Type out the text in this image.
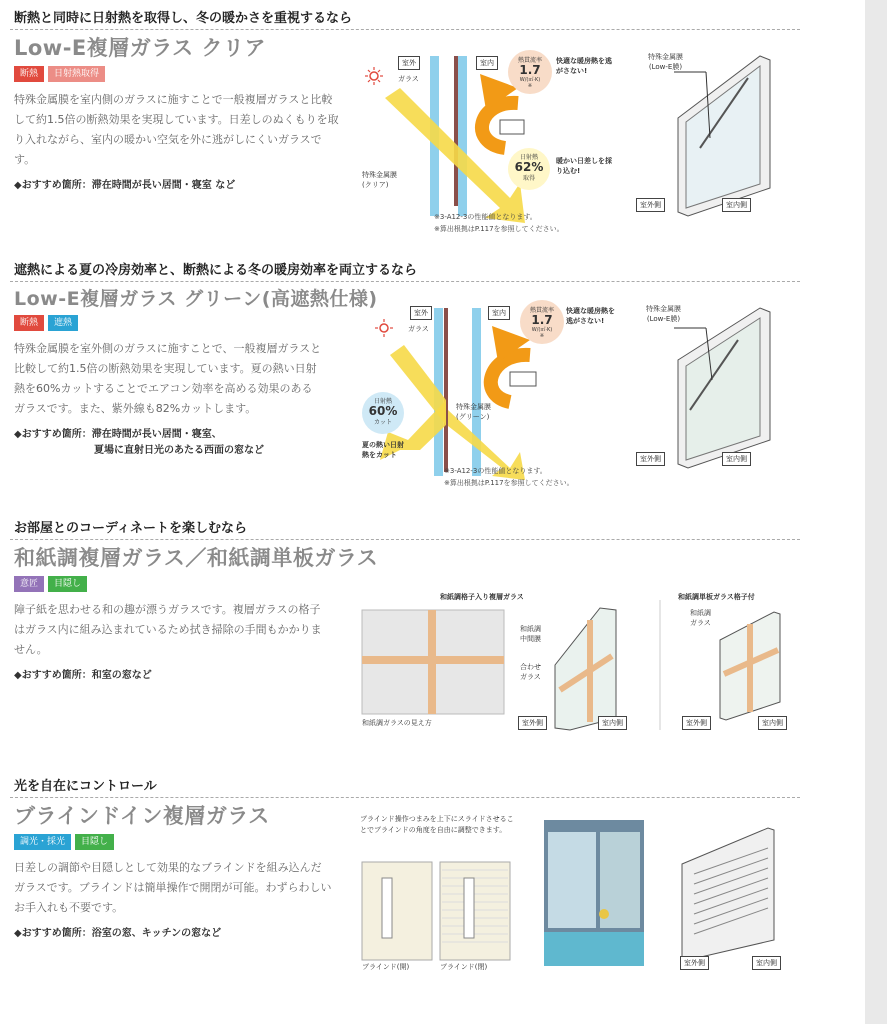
断熱と同時に日射熱を取得し、冬の暖かさを重視するなら
Low-E複層ガラス クリア
断熱	日射熱取得
特殊金属膜を室内側のガラスに施すことで一般複層ガラスと比較して約1.5倍の断熱効果を実現しています。日差しのぬくもりを取り入れながら、室内の暖かい空気を外に逃がしにくいガラスです。
◆おすすめ箇所：滞在時間が長い居間・寝室 など
室外	室内
ガラス
特殊金属膜
(クリア)
熱貫流率
1.7
W/(㎡·K)
※
快適な暖房熱を逃がさない!
日射熱
62%
取得
暖かい日差しを採り込む!
※3-A12-3の性能値となります。
※算出根拠はP.117を参照してください。
特殊金属膜
(Low-E膜)
室外側	室内側
遮熱による夏の冷房効率と、断熱による冬の暖房効率を両立するなら
Low-E複層ガラス グリーン(高遮熱仕様)
断熱	遮熱
特殊金属膜を室外側のガラスに施すことで、一般複層ガラスと比較して約1.5倍の断熱効果を実現しています。夏の熱い日射熱を60%カットすることでエアコン効率を高める効果のあるガラスです。また、紫外線も82%カットします。
◆おすすめ箇所：滞在時間が長い居間・寝室、
　　　　　　　　夏場に直射日光のあたる西面の窓など
室外	室内
ガラス
特殊金属膜
(グリーン)
熱貫流率
1.7
W/(㎡·K)
※
快適な暖房熱を逃がさない!
日射熱
60%
カット
夏の熱い日射熱をカット
※3-A12-3の性能値となります。
※算出根拠はP.117を参照してください。
特殊金属膜
(Low-E膜)
室外側	室内側
お部屋とのコーディネートを楽しむなら
和紙調複層ガラス／和紙調単板ガラス
意匠	目隠し
障子紙を思わせる和の趣が漂うガラスです。複層ガラスの格子はガラス内に組み込まれているため拭き掃除の手間もかかりません。
◆おすすめ箇所：和室の窓など
和紙調ガラスの見え方
和紙調格子入り複層ガラス
和紙調
中間膜
合わせ
ガラス
室外側	室内側
和紙調単板ガラス格子付
和紙調
ガラス
室外側	室内側
光を自在にコントロール
ブラインドイン複層ガラス
調光・採光	目隠し
日差しの調節や目隠しとして効果的なブラインドを組み込んだガラスです。ブラインドは簡単操作で開閉が可能。わずらわしいお手入れも不要です。
◆おすすめ箇所：浴室の窓、キッチンの窓など
ブラインド操作つまみを上下にスライドさせることでブラインドの角度を自由に調整できます。
ブラインド(開)	ブラインド(閉)	室外側	室内側
